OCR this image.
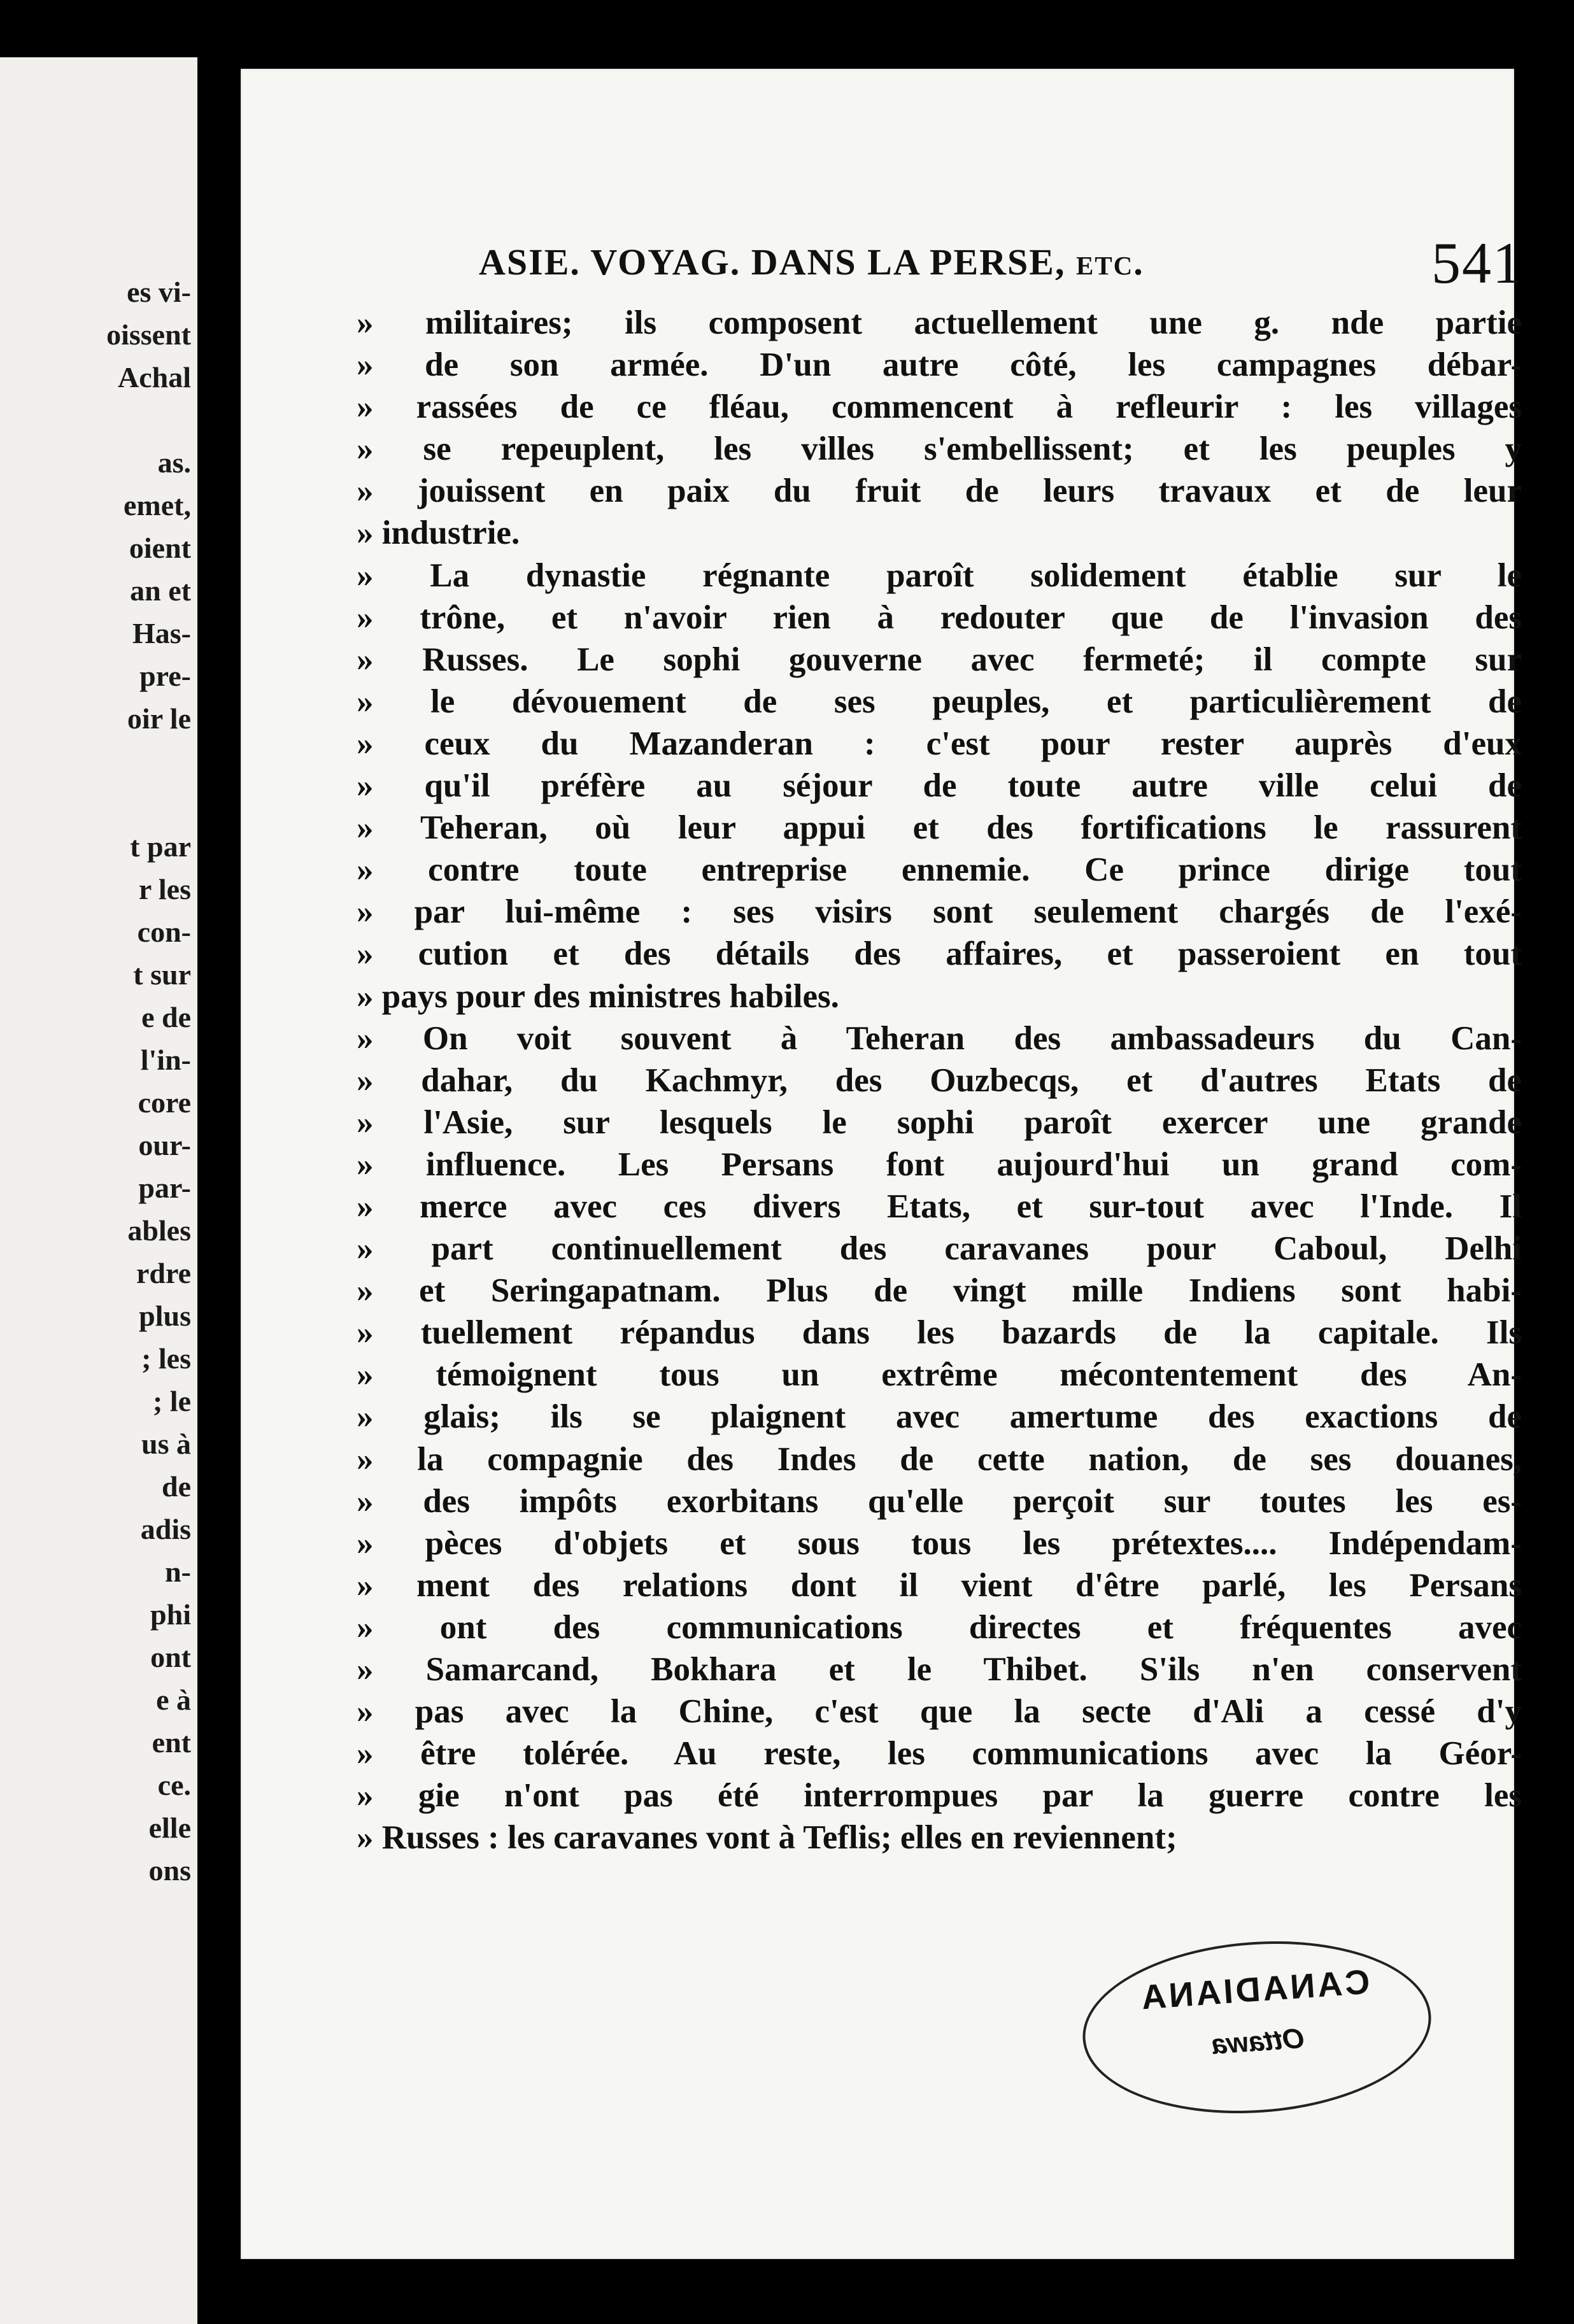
es vi-
oissent
Achal
as.
emet,
oient
an et
Has-
pre-
oir le
t par
r les
con-
t sur
e de
l'in-
core
our-
par-
ables
rdre
plus
; les
; le
us à
de
adis
n-
phi
ont
e à
ent
ce.
elle
ons
ASIE. VOYAG. DANS LA PERSE, etc.	541
» militaires; ils composent actuellement une g. nde partie
» de son armée. D'un autre côté, les campagnes débar-
» rassées de ce fléau, commencent à refleurir : les villages
» se repeuplent, les villes s'embellissent; et les peuples y
» jouissent en paix du fruit de leurs travaux et de leur
» industrie.
» La dynastie régnante paroît solidement établie sur le
» trône, et n'avoir rien à redouter que de l'invasion des
» Russes. Le sophi gouverne avec fermeté; il compte sur
» le dévouement de ses peuples, et particulièrement de
» ceux du Mazanderan : c'est pour rester auprès d'eux
» qu'il préfère au séjour de toute autre ville celui de
» Teheran, où leur appui et des fortifications le rassurent
» contre toute entreprise ennemie. Ce prince dirige tout
» par lui-même : ses visirs sont seulement chargés de l'exé-
» cution et des détails des affaires, et passeroient en tout
» pays pour des ministres habiles.
» On voit souvent à Teheran des ambassadeurs du Can-
» dahar, du Kachmyr, des Ouzbecqs, et d'autres Etats de
» l'Asie, sur lesquels le sophi paroît exercer une grande
» influence. Les Persans font aujourd'hui un grand com-
» merce avec ces divers Etats, et sur-tout avec l'Inde. Il
» part continuellement des caravanes pour Caboul, Delhi
» et Seringapatnam. Plus de vingt mille Indiens sont habi-
» tuellement répandus dans les bazards de la capitale. Ils
» témoignent tous un extrême mécontentement des An-
» glais; ils se plaignent avec amertume des exactions de
» la compagnie des Indes de cette nation, de ses douanes,
» des impôts exorbitans qu'elle perçoit sur toutes les es-
» pèces d'objets et sous tous les prétextes.... Indépendam-
» ment des relations dont il vient d'être parlé, les Persans
» ont des communications directes et fréquentes avec
» Samarcand, Bokhara et le Thibet. S'ils n'en conservent
» pas avec la Chine, c'est que la secte d'Ali a cessé d'y
» être tolérée. Au reste, les communications avec la Géor-
» gie n'ont pas été interrompues par la guerre contre les
» Russes : les caravanes vont à Teflis; elles en reviennent;
CANADIANA
Ottawa
